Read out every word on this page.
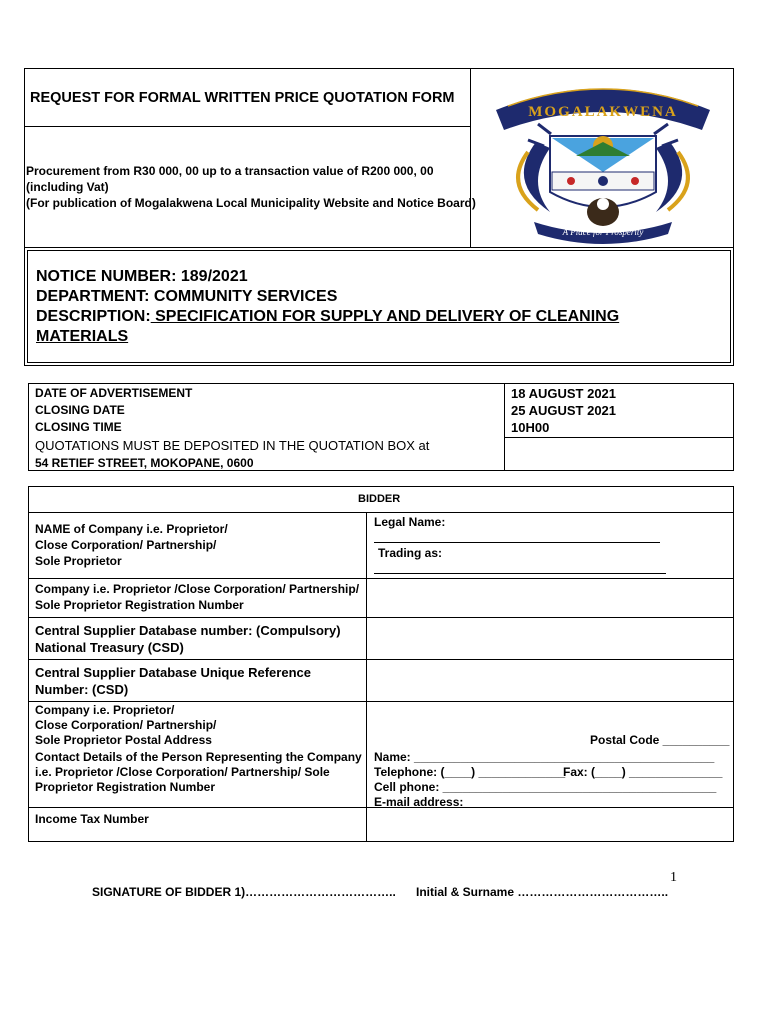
REQUEST FOR FORMAL WRITTEN PRICE QUOTATION FORM
Procurement from R30 000, 00 up to a transaction value of R200 000, 00
(including Vat)
(For publication of Mogalakwena Local Municipality Website and Notice Board)
MOGALAKWENA
A Place for Prosperity
NOTICE NUMBER: 189/2021
DEPARTMENT: COMMUNITY SERVICES
DESCRIPTION: SPECIFICATION FOR SUPPLY AND DELIVERY OF CLEANING
MATERIALS
DATE OF ADVERTISEMENT
CLOSING DATE
CLOSING TIME
QUOTATIONS MUST BE DEPOSITED IN THE QUOTATION BOX at
54 RETIEF STREET, MOKOPANE, 0600
18 AUGUST 2021
25 AUGUST 2021
10H00
BIDDER
NAME of Company i.e. Proprietor/
Close Corporation/ Partnership/
Sole Proprietor
Legal Name:
Trading as:
Company i.e. Proprietor /Close Corporation/ Partnership/
Sole Proprietor Registration Number
Central Supplier Database number: (Compulsory)
National Treasury (CSD)
Central Supplier Database Unique Reference
Number: (CSD)
Company i.e. Proprietor/
Close Corporation/ Partnership/
Sole Proprietor Postal Address	Postal Code __________
Contact Details of the Person Representing the Company
i.e. Proprietor /Close Corporation/ Partnership/ Sole
Proprietor Registration Number
Name: _____________________________________________
Telephone: (____) _____________
Fax: (____) ______________
Cell phone: _________________________________________
E-mail address: ______________________________________
Income Tax Number
1
SIGNATURE OF BIDDER 1)……………………………….. Initial & Surname ………………………………..
